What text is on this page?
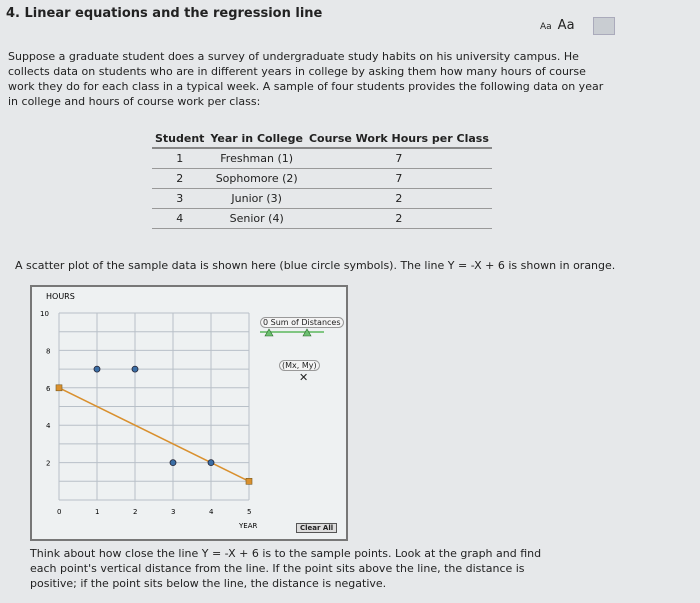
4. Linear equations and the regression line
Aa Aa
Suppose a graduate student does a survey of undergraduate study habits on his university campus. He collects data on students who are in different years in college by asking them how many hours of course work they do for each class in a typical week. A sample of four students provides the following data on year in college and hours of course work per class:
Student	Year in College	Course Work Hours per Class
1	Freshman (1)	7
2	Sophomore (2)	7
3	Junior (3)	2
4	Senior (4)	2
A scatter plot of the sample data is shown here (blue circle symbols). The line Y = -X + 6 is shown in orange.
HOURS
YEAR
0	1	2	3	4	5
2
4
6
8
10
0 Sum of Distances
(Mx, My)
✕
Clear All
Think about how close the line Y = -X + 6 is to the sample points. Look at the graph and find each point's vertical distance from the line. If the point sits above the line, the distance is positive; if the point sits below the line, the distance is negative.
